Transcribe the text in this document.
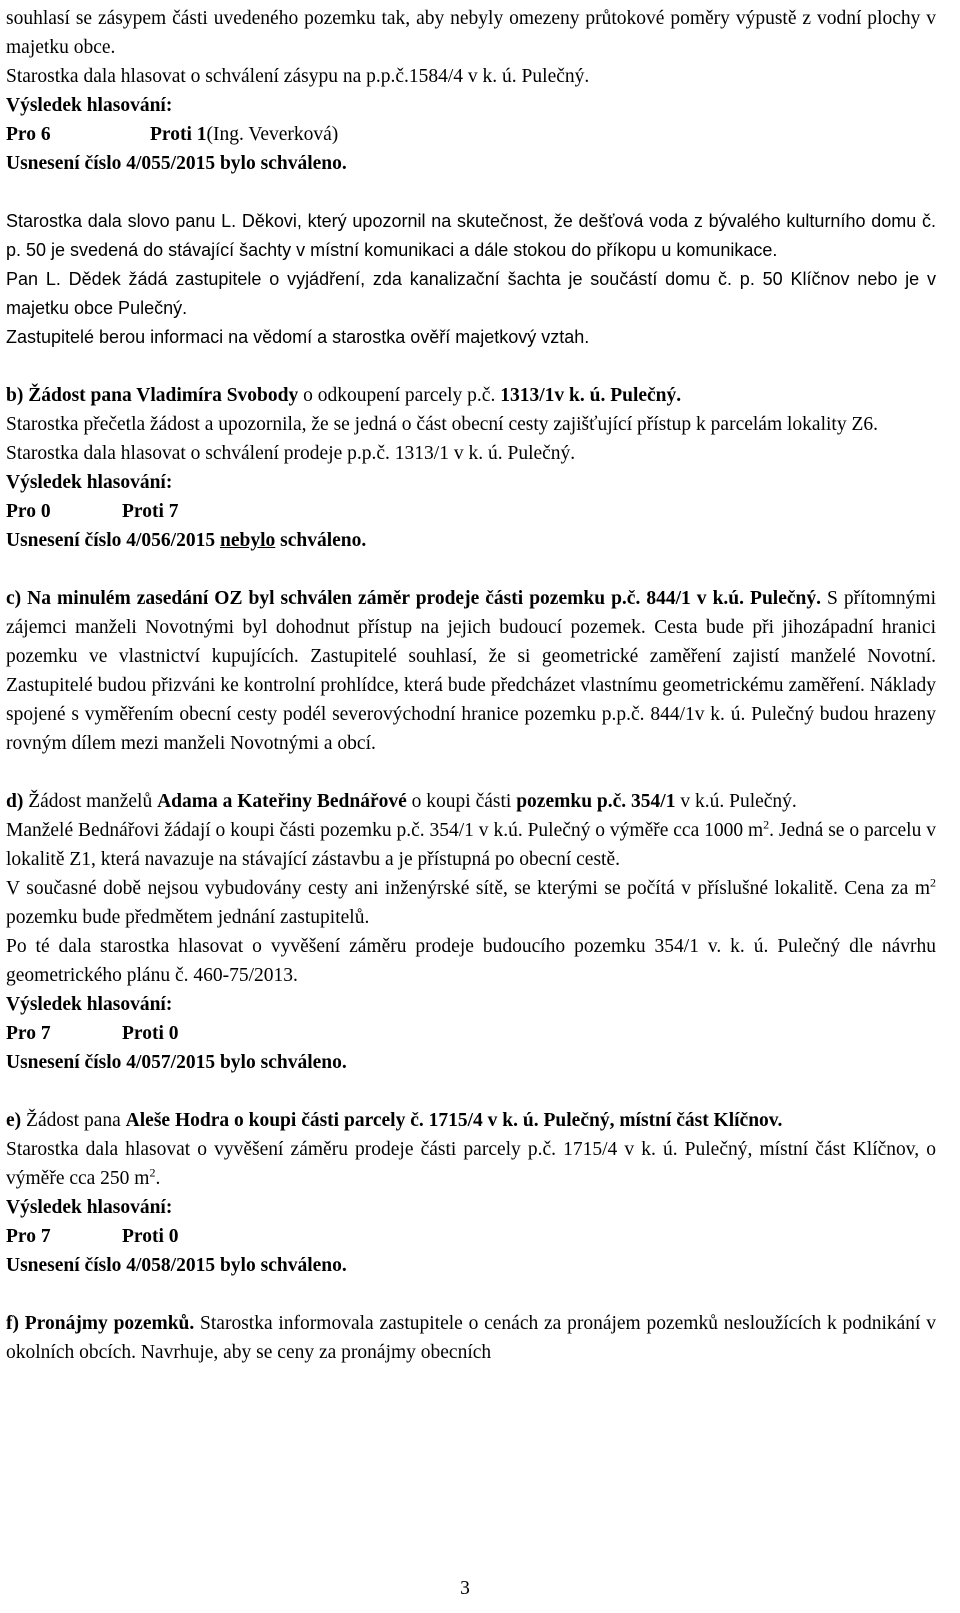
souhlasí se zásypem části uvedeného pozemku tak, aby nebyly omezeny průtokové poměry výpustě z vodní plochy v majetku obce.

Starostka dala hlasovat o schválení zásypu na p.p.č.1584/4 v k. ú. Pulečný.

Výsledek hlasování:

Pro 6	Proti 1(Ing. Veverková)

Usnesení číslo 4/055/2015 bylo schváleno.

Starostka dala slovo panu L. Děkovi, který upozornil na skutečnost, že dešťová voda z bývalého kulturního domu č. p. 50 je svedená do stávající šachty v místní komunikaci a dále stokou do příkopu u komunikace.

Pan L. Dědek žádá zastupitele o vyjádření, zda kanalizační šachta je součástí domu č. p. 50 Klíčnov nebo je v majetku obce Pulečný.

Zastupitelé berou informaci na vědomí a starostka ověří majetkový vztah.

b) Žádost pana Vladimíra Svobody o odkoupení parcely p.č. 1313/1v k. ú. Pulečný.

Starostka přečetla žádost a upozornila, že se jedná o část obecní cesty zajišťující přístup k parcelám lokality Z6.

Starostka dala hlasovat o schválení prodeje p.p.č. 1313/1 v k. ú. Pulečný.

Výsledek hlasování:

Pro 0	Proti 7

Usnesení číslo 4/056/2015 nebylo schváleno.

c) Na minulém zasedání OZ byl schválen záměr prodeje části pozemku p.č. 844/1 v k.ú. Pulečný. S přítomnými zájemci manželi Novotnými byl dohodnut přístup na jejich budoucí pozemek. Cesta bude při jihozápadní hranici pozemku ve vlastnictví kupujících. Zastupitelé souhlasí, že si geometrické zaměření zajistí manželé Novotní. Zastupitelé budou přizváni ke kontrolní prohlídce, která bude předcházet vlastnímu geometrickému zaměření. Náklady spojené s vyměřením obecní cesty podél severovýchodní hranice pozemku p.p.č. 844/1v k. ú. Pulečný budou hrazeny rovným dílem mezi manželi Novotnými a obcí.

d) Žádost manželů Adama a Kateřiny Bednářové o koupi části pozemku p.č. 354/1 v k.ú. Pulečný.

Manželé Bednářovi žádají o koupi části pozemku p.č. 354/1 v k.ú. Pulečný o výměře cca 1000 $m^2$. Jedná se o parcelu v lokalitě Z1, která navazuje na stávající zástavbu a je přístupná po obecní cestě.

V současné době nejsou vybudovány cesty ani inženýrské sítě, se kterými se počítá v příslušné lokalitě. Cena za $m^2$ pozemku bude předmětem jednání zastupitelů.

Po té dala starostka hlasovat o vyvěšení záměru prodeje budoucího pozemku 354/1 v. k. ú. Pulečný dle návrhu geometrického plánu č. 460-75/2013.

Výsledek hlasování:

Pro 7	Proti 0

Usnesení číslo 4/057/2015 bylo schváleno.

e) Žádost pana Aleše Hodra o koupi části parcely č. 1715/4 v k. ú. Pulečný, místní část Klíčnov.

Starostka dala hlasovat o vyvěšení záměru prodeje části parcely p.č. 1715/4 v k. ú. Pulečný, místní část Klíčnov, o výměře cca 250 $m^2$.

Výsledek hlasování:

Pro 7	Proti 0

Usnesení číslo 4/058/2015 bylo schváleno.

f) Pronájmy pozemků. Starostka informovala zastupitele o cenách za pronájem pozemků nesloužících k podnikání v okolních obcích. Navrhuje, aby se ceny za pronájmy obecních

3
